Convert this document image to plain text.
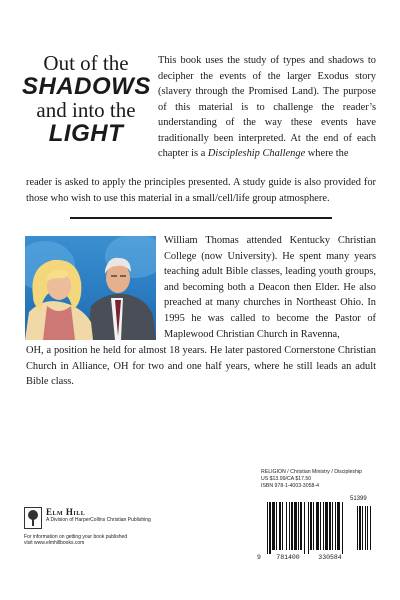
Out of the
SHADOWS
and into the
LIGHT
This book uses the study of types and shadows to decipher the events of the larger Exodus story (slavery through the Promised Land). The purpose of this material is to challenge the reader’s understanding of the way these events have traditionally been interpreted. At the end of each chapter is a Discipleship Challenge where the
reader is asked to apply the principles presented. A study guide is also provided for those who wish to use this material in a small/cell/life group atmosphere.
William Thomas attended Kentucky Christian College (now University). He spent many years teaching adult Bible classes, leading youth groups, and becoming both a Deacon then Elder. He also preached at many churches in Northeast Ohio. In 1995 he was called to become the Pastor of Maplewood Christian Church in Ravenna,
OH, a position he held for almost 18 years. He later pastored Cornerstone Christian Church in Alliance, OH for two and one half years, where he still leads an adult Bible class.
Elm Hill
A Division of HarperCollins Christian Publishing
For information on getting your book published
visit www.elmhillbooks.com
RELIGION / Christian Ministry / Discipleship
US $13.99/CA $17.50
ISBN 978-1-4003-3058-4
51399
9	781400	330584
